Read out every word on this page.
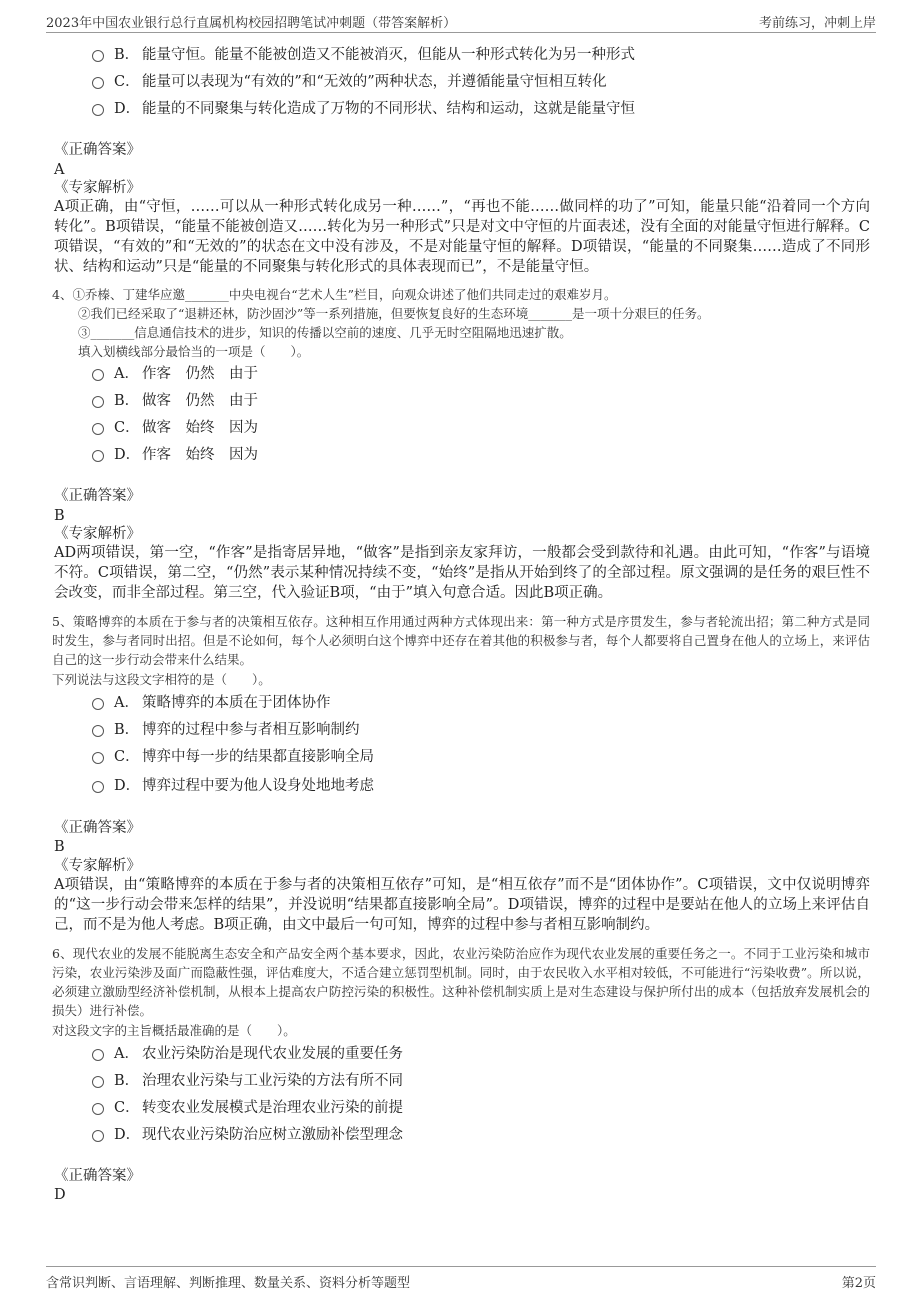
2023年中国农业银行总行直属机构校园招聘笔试冲刺题（带答案解析）	考前练习，冲刺上岸
B． 能量守恒。能量不能被创造又不能被消灭，但能从一种形式转化为另一种形式
C． 能量可以表现为“有效的”和“无效的”两种状态，并遵循能量守恒相互转化
D． 能量的不同聚集与转化造成了万物的不同形状、结构和运动，这就是能量守恒
《正确答案》
A
《专家解析》
A项正确，由“守恒，……可以从一种形式转化成另一种……”，“再也不能……做同样的功了”可知，能量只能“沿着同一个方向转化”。B项错误，“能量不能被创造又……转化为另一种形式”只是对文中守恒的片面表述，没有全面的对能量守恒进行解释。C项错误，“有效的”和“无效的”的状态在文中没有涉及，不是对能量守恒的解释。D项错误，“能量的不同聚集……造成了不同形状、结构和运动”只是“能量的不同聚集与转化形式的具体表现而已”，不是能量守恒。
4、①乔榛、丁建华应邀_______中央电视台“艺术人生”栏目，向观众讲述了他们共同走过的艰难岁月。
②我们已经采取了“退耕还林，防沙固沙”等一系列措施，但要恢复良好的生态环境_______是一项十分艰巨的任务。
③_______信息通信技术的进步，知识的传播以空前的速度、几乎无时空阻隔地迅速扩散。
填入划横线部分最恰当的一项是（　　）。
A． 作客　仍然　由于
B． 做客　仍然　由于
C． 做客　始终　因为
D． 作客　始终　因为
《正确答案》
B
《专家解析》
AD两项错误，第一空，“作客”是指寄居异地，“做客”是指到亲友家拜访，一般都会受到款待和礼遇。由此可知，“作客”与语境不符。C项错误，第二空，“仍然”表示某种情况持续不变，“始终”是指从开始到终了的全部过程。原文强调的是任务的艰巨性不会改变，而非全部过程。第三空，代入验证B项，“由于”填入句意合适。因此B项正确。
5、策略博弈的本质在于参与者的决策相互依存。这种相互作用通过两种方式体现出来：第一种方式是序贯发生，参与者轮流出招；第二种方式是同时发生，参与者同时出招。但是不论如何，每个人必须明白这个博弈中还存在着其他的积极参与者，每个人都要将自己置身在他人的立场上，来评估自己的这一步行动会带来什么结果。
下列说法与这段文字相符的是（　　）。
A． 策略博弈的本质在于团体协作
B． 博弈的过程中参与者相互影响制约
C． 博弈中每一步的结果都直接影响全局
D． 博弈过程中要为他人设身处地地考虑
《正确答案》
B
《专家解析》
A项错误，由“策略博弈的本质在于参与者的决策相互依存”可知，是“相互依存”而不是“团体协作”。C项错误，文中仅说明博弈的“这一步行动会带来怎样的结果”，并没说明“结果都直接影响全局”。D项错误，博弈的过程中是要站在他人的立场上来评估自己，而不是为他人考虑。B项正确，由文中最后一句可知，博弈的过程中参与者相互影响制约。
6、现代农业的发展不能脱离生态安全和产品安全两个基本要求，因此，农业污染防治应作为现代农业发展的重要任务之一。不同于工业污染和城市污染，农业污染涉及面广而隐蔽性强，评估难度大，不适合建立惩罚型机制。同时，由于农民收入水平相对较低，不可能进行“污染收费”。所以说，必须建立激励型经济补偿机制，从根本上提高农户防控污染的积极性。这种补偿机制实质上是对生态建设与保护所付出的成本（包括放弃发展机会的损失）进行补偿。
对这段文字的主旨概括最准确的是（　　）。
A． 农业污染防治是现代农业发展的重要任务
B． 治理农业污染与工业污染的方法有所不同
C． 转变农业发展模式是治理农业污染的前提
D． 现代农业污染防治应树立激励补偿型理念
《正确答案》
D
含常识判断、言语理解、判断推理、数量关系、资料分析等题型	第2页
